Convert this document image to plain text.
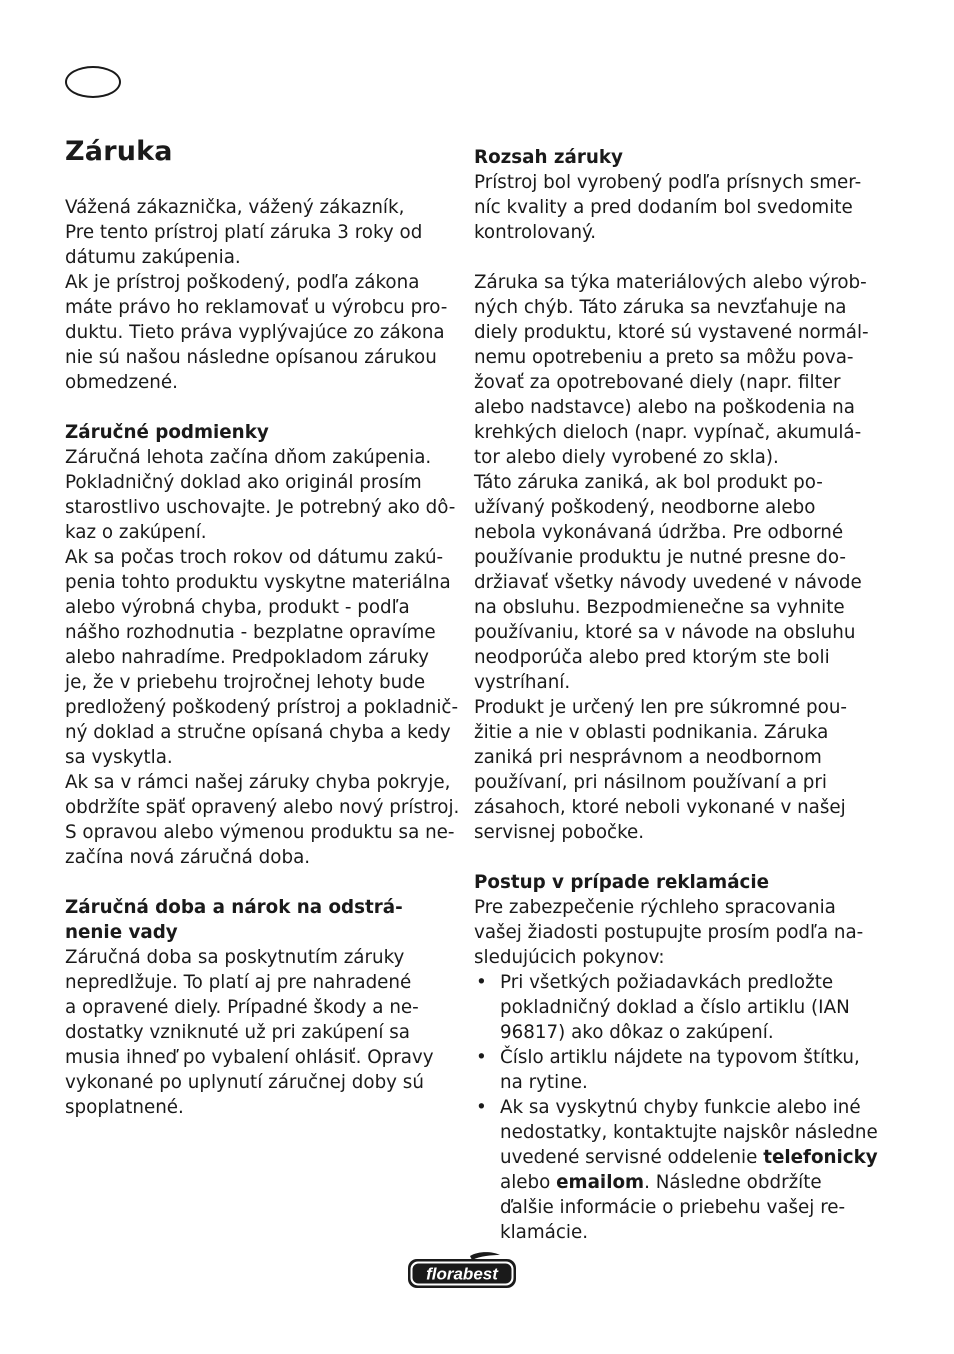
Záruka

Vážená zákaznička, vážený zákazník,

Pre tento prístroj platí záruka 3 roky od

dátumu zakúpenia.

Ak je prístroj poškodený, podľa zákona

máte právo ho reklamovať u výrobcu pro-

duktu. Tieto práva vyplývajúce zo zákona

nie sú našou následne opísanou zárukou

obmedzené.

Záručné podmienky

Záručná lehota začína dňom zakúpenia.

Pokladničný doklad ako originál prosím

starostlivo uschovajte. Je potrebný ako dô-

kaz o zakúpení.

Ak sa počas troch rokov od dátumu zakú-

penia tohto produktu vyskytne materiálna

alebo výrobná chyba, produkt - podľa

nášho rozhodnutia - bezplatne opravíme

alebo nahradíme. Predpokladom záruky

je, že v priebehu trojročnej lehoty bude

predložený poškodený prístroj a pokladnič-

ný doklad a stručne opísaná chyba a kedy

sa vyskytla.

Ak sa v rámci našej záruky chyba pokryje,

obdržíte späť opravený alebo nový prístroj.

S opravou alebo výmenou produktu sa ne-

začína nová záručná doba.

Záručná doba a nárok na odstrá-
nenie vady

Záručná doba sa poskytnutím záruky

nepredlžuje. To platí aj pre nahradené

a opravené diely. Prípadné škody a ne-

dostatky vzniknuté už pri zakúpení sa

musia ihneď po vybalení ohlásiť. Opravy

vykonané po uplynutí záručnej doby sú

spoplatnené.

Rozsah záruky

Prístroj bol vyrobený podľa prísnych smer-

níc kvality a pred dodaním bol svedomite

kontrolovaný.

Záruka sa týka materiálových alebo výrob-

ných chýb. Táto záruka sa nevzťahuje na

diely produktu, ktoré sú vystavené normál-

nemu opotrebeniu a preto sa môžu pova-

žovať za opotrebované diely (napr. filter

alebo nadstavce) alebo na poškodenia na

krehkých dieloch (napr. vypínač, akumulá-

tor alebo diely vyrobené zo skla).

Táto záruka zaniká, ak bol produkt po-

užívaný poškodený, neodborne alebo

nebola vykonávaná údržba. Pre odborné

používanie produktu je nutné presne do-

držiavať všetky návody uvedené v návode

na obsluhu. Bezpodmienečne sa vyhnite

používaniu, ktoré sa v návode na obsluhu

neodporúča alebo pred ktorým ste boli

vystríhaní.

Produkt je určený len pre súkromné pou-

žitie a nie v oblasti podnikania. Záruka

zaniká pri nesprávnom a neodbornom

používaní, pri násilnom používaní a pri

zásahoch, ktoré neboli vykonané v našej

servisnej pobočke.

Postup v prípade reklamácie

Pre zabezpečenie rýchleho spracovania

vašej žiadosti postupujte prosím podľa na-

sledujúcich pokynov:

• Pri všetkých požiadavkách predložte
pokladničný doklad a číslo artiklu (IAN
96817) ako dôkaz o zakúpení.
• Číslo artiklu nájdete na typovom štítku,
na rytine.
• Ak sa vyskytnú chyby funkcie alebo iné
nedostatky, kontaktujte najskôr následne
uvedené servisné oddelenie telefonicky
alebo emailom. Následne obdržíte
ďalšie informácie o priebehu vašej re-
klamácie.
florabest
